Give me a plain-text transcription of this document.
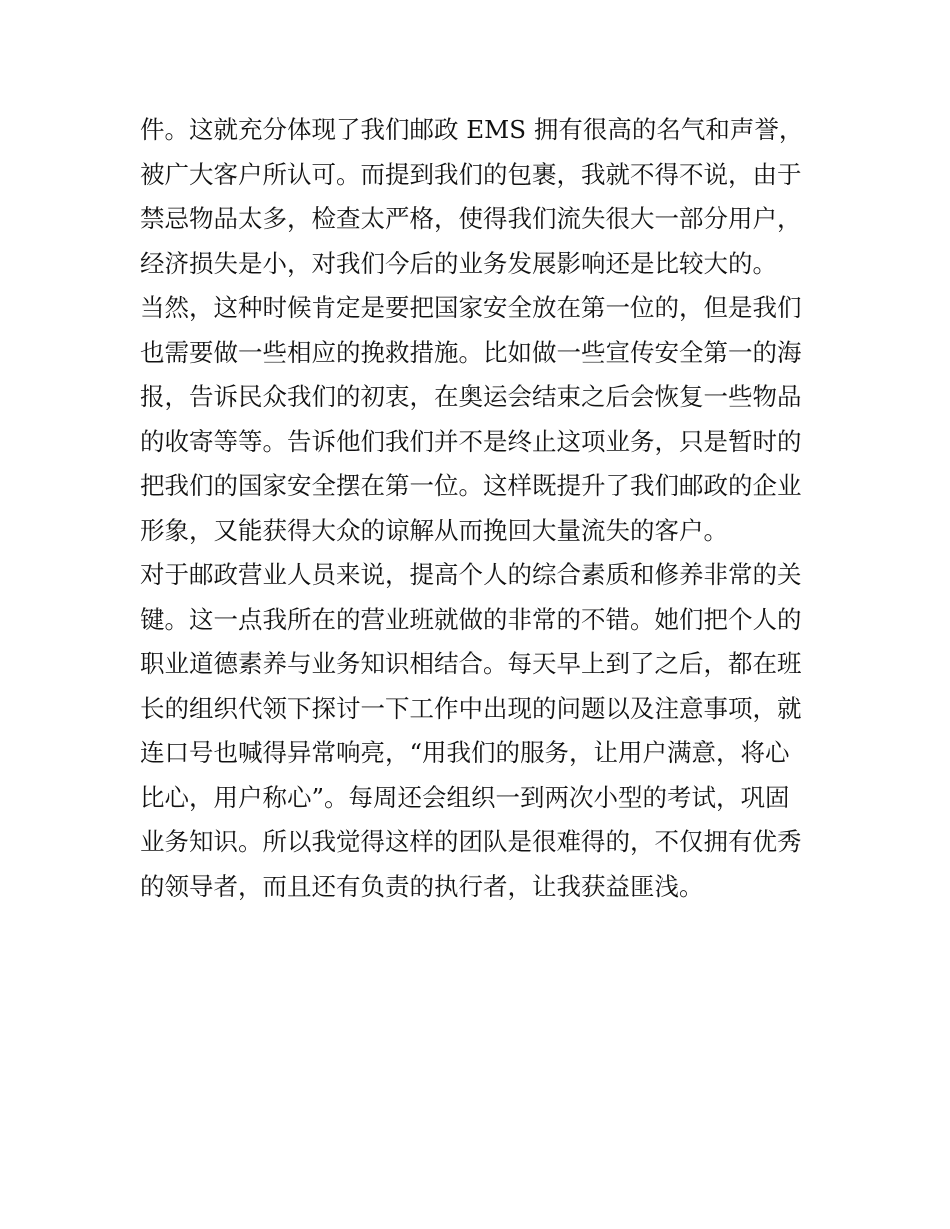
件。这就充分体现了我们邮政 EMS 拥有很高的名气和声誉，
被广大客户所认可。而提到我们的包裹，我就不得不说，由于
禁忌物品太多，检查太严格，使得我们流失很大一部分用户，
经济损失是小，对我们今后的业务发展影响还是比较大的。
当然，这种时候肯定是要把国家安全放在第一位的，但是我们
也需要做一些相应的挽救措施。比如做一些宣传安全第一的海
报，告诉民众我们的初衷，在奥运会结束之后会恢复一些物品
的收寄等等。告诉他们我们并不是终止这项业务，只是暂时的
把我们的国家安全摆在第一位。这样既提升了我们邮政的企业
形象，又能获得大众的谅解从而挽回大量流失的客户。
对于邮政营业人员来说，提高个人的综合素质和修养非常的关
键。这一点我所在的营业班就做的非常的不错。她们把个人的
职业道德素养与业务知识相结合。每天早上到了之后，都在班
长的组织代领下探讨一下工作中出现的问题以及注意事项，就
连口号也喊得异常响亮，“用我们的服务，让用户满意，将心
比心，用户称心”。每周还会组织一到两次小型的考试，巩固
业务知识。所以我觉得这样的团队是很难得的，不仅拥有优秀
的领导者，而且还有负责的执行者，让我获益匪浅。
